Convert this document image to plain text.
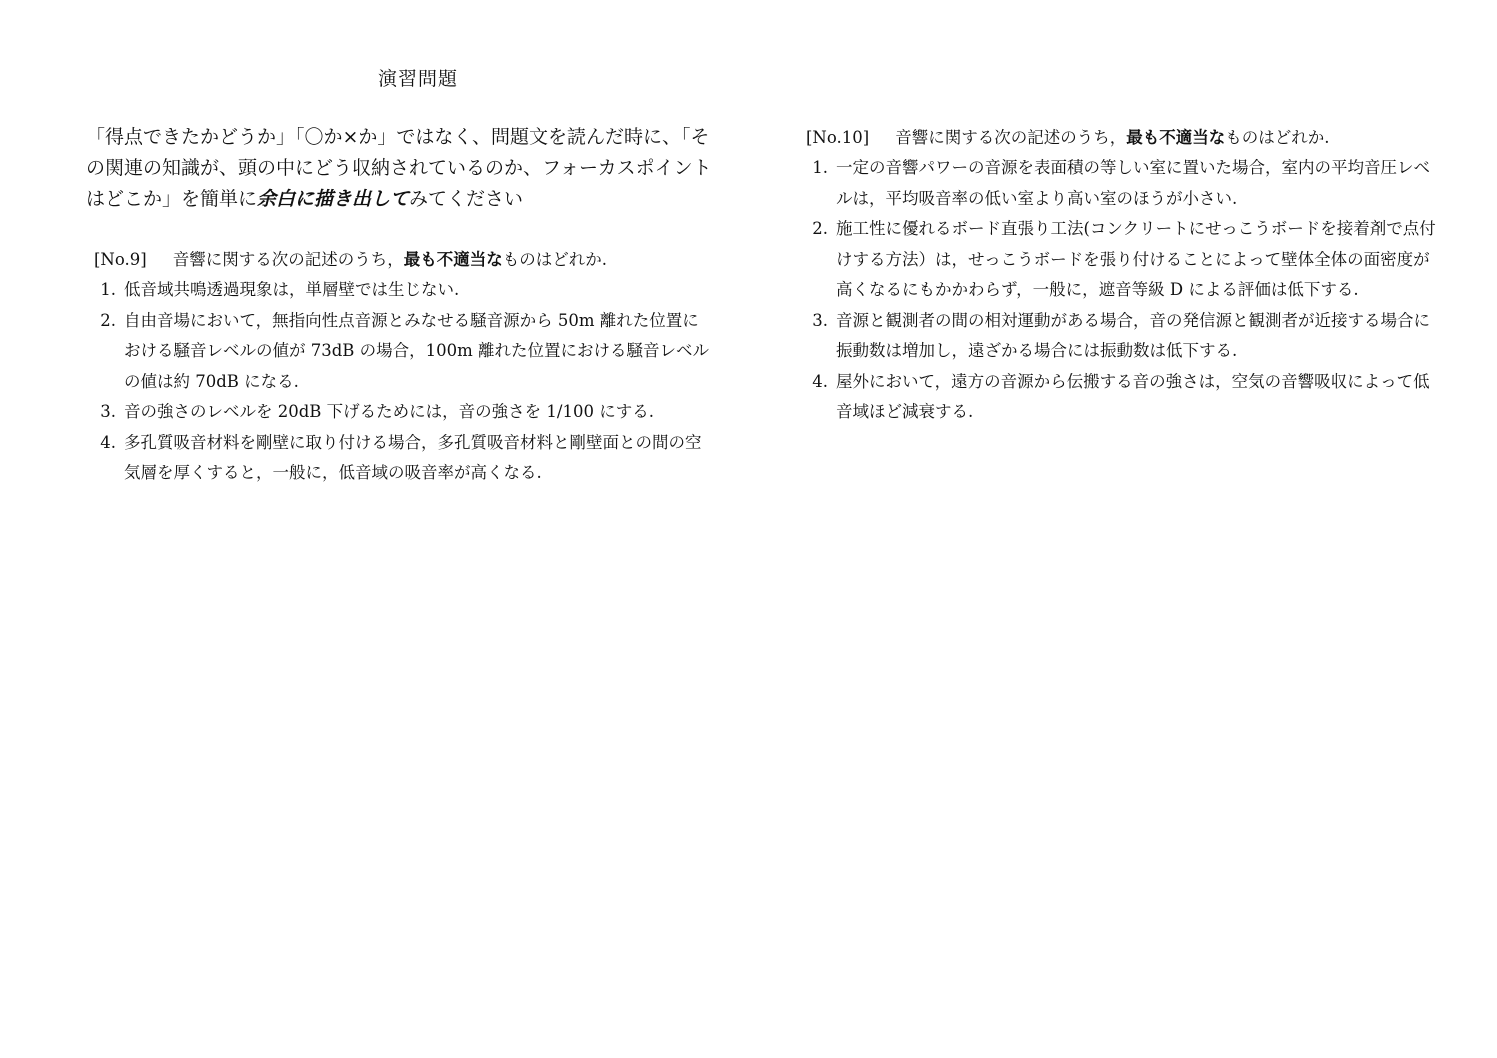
演習問題
「得点できたかどうか」「〇か×か」ではなく、問題文を読んだ時に、「その関連の知識が、頭の中にどう収納されているのか、フォーカスポイントはどこか」を簡単に余白に描き出してみてください
[No.9] 音響に関する次の記述のうち，最も不適当なものはどれか.
1. 低音域共鳴透過現象は，単層壁では生じない.
2. 自由音場において，無指向性点音源とみなせる騒音源から 50m 離れた位置における騒音レベルの値が 73dB の場合，100m 離れた位置における騒音レベルの値は約 70dB になる.
3. 音の強さのレベルを 20dB 下げるためには，音の強さを 1/100 にする.
4. 多孔質吸音材料を剛壁に取り付ける場合，多孔質吸音材料と剛壁面との間の空気層を厚くすると，一般に，低音域の吸音率が高くなる.
[No.10] 音響に関する次の記述のうち，最も不適当なものはどれか.
1. 一定の音響パワーの音源を表面積の等しい室に置いた場合，室内の平均音圧レベルは，平均吸音率の低い室より高い室のほうが小さい.
2. 施工性に優れるボード直張り工法(コンクリートにせっこうボードを接着剤で点付けする方法）は，せっこうボードを張り付けることによって壁体全体の面密度が高くなるにもかかわらず，一般に，遮音等級 D による評価は低下する.
3. 音源と観測者の間の相対運動がある場合，音の発信源と観測者が近接する場合に振動数は増加し，遠ざかる場合には振動数は低下する.
4. 屋外において，遠方の音源から伝搬する音の強さは，空気の音響吸収によって低音域ほど減衰する.
